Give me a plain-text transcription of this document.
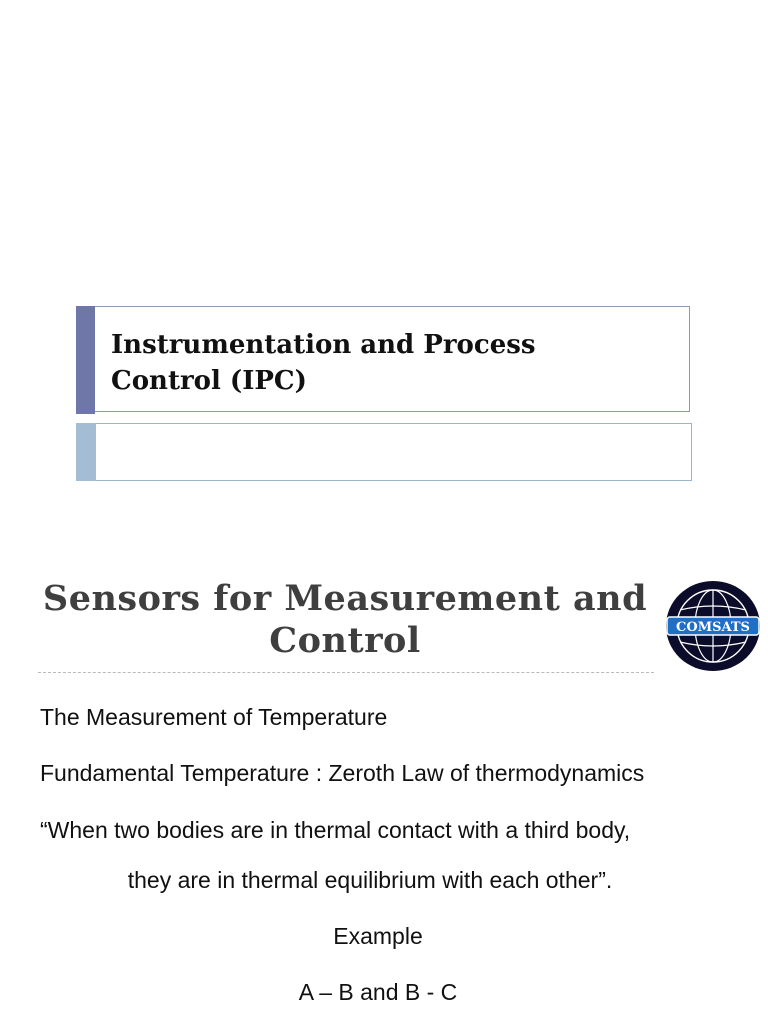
Instrumentation and Process
Control (IPC)
Sensors for Measurement and
Control	COMSATS
The Measurement of Temperature
Fundamental Temperature : Zeroth Law of thermodynamics
“When two bodies are in thermal contact with a third body,
they are in thermal equilibrium with each other”.
Example
A – B and B - C
